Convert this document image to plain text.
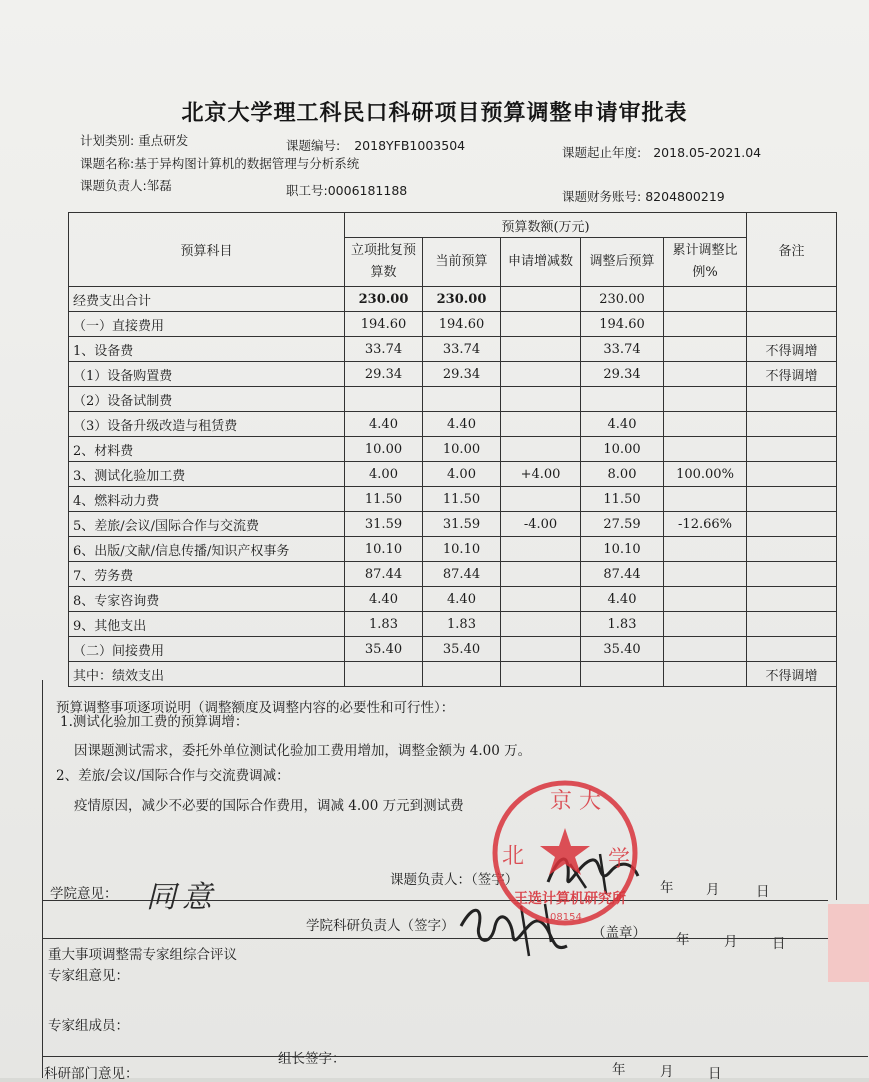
北京大学理工科民口科研项目预算调整申请审批表
计划类别: 重点研发	课题编号: 2018YFB1003504	课题起止年度: 2018.05-2021.04
课题名称:基于异构图计算机的数据管理与分析系统
课题负责人:邹磊	职工号:0006181188	课题财务账号: 8204800219
预算科目	预算数额(万元)					备注
	立项批复预算数	当前预算	申请增减数	调整后预算	累计调整比例%	
经费支出合计	230.00	230.00		230.00		
（一）直接费用	194.60	194.60		194.60		
1、设备费	33.74	33.74		33.74		不得调增
（1）设备购置费	29.34	29.34		29.34		不得调增
（2）设备试制费						
（3）设备升级改造与租赁费	4.40	4.40		4.40		
2、材料费	10.00	10.00		10.00		
3、测试化验加工费	4.00	4.00	+4.00	8.00	100.00%	
4、燃料动力费	11.50	11.50		11.50		
5、差旅/会议/国际合作与交流费	31.59	31.59	-4.00	27.59	-12.66%	
6、出版/文献/信息传播/知识产权事务	10.10	10.10		10.10		
7、劳务费	87.44	87.44		87.44		
8、专家咨询费	4.40	4.40		4.40		
9、其他支出	1.83	1.83		1.83		
（二）间接费用	35.40	35.40		35.40		
其中：绩效支出						不得调增
预算调整事项逐项说明（调整额度及调整内容的必要性和可行性）：
1.测试化验加工费的预算调增：
因课题测试需求，委托外单位测试化验加工费用增加，调整金额为 4.00 万。
2、差旅/会议/国际合作与交流费调减：
疫情原因，减少不必要的国际合作费用，调减 4.00 万元到测试费
课题负责人：（签字）	年 月	日
学院意见：
学院科研负责人（签字）	（盖章） 年	月	日
重大事项调整需专家组综合评议
专家组意见：
专家组成员：
组长签字：
科研部门意见：	年	月	日
同意
京 大
北	学
王选计算机研究所
08154
